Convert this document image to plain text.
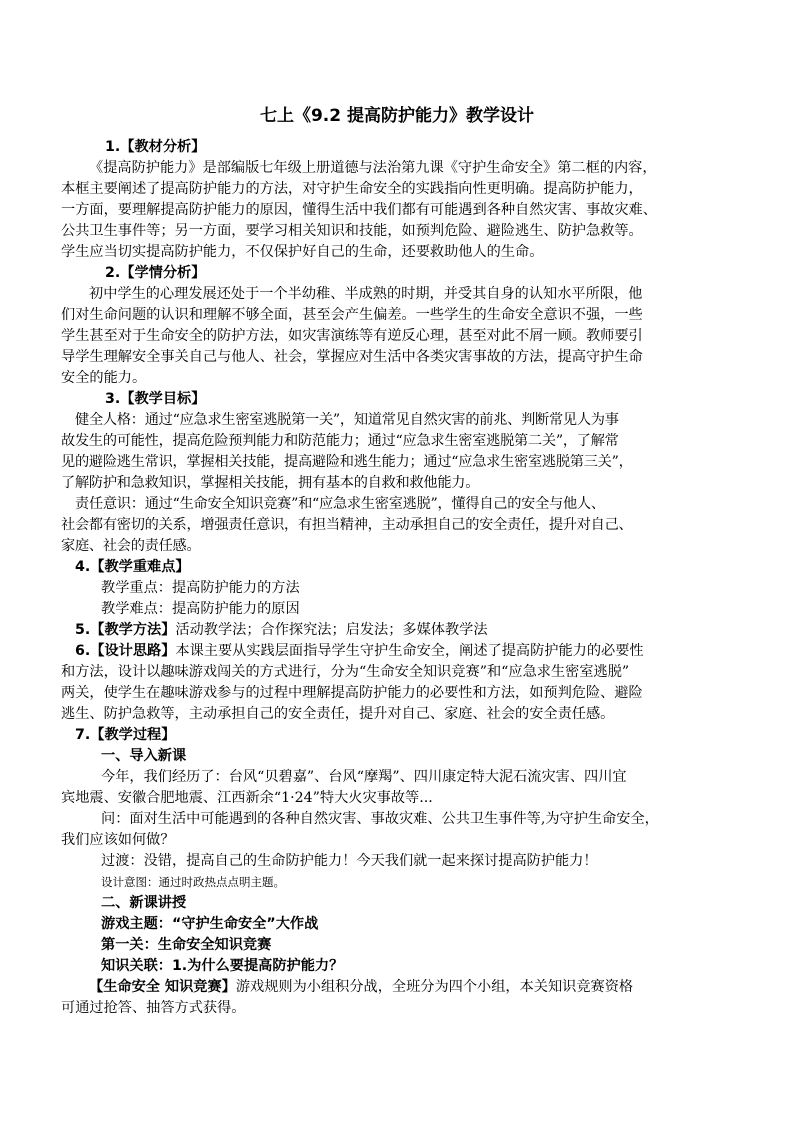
七上《9.2 提高防护能力》教学设计

1.【教材分析】

《提高防护能力》是部编版七年级上册道德与法治第九课《守护生命安全》第二框的内容，

本框主要阐述了提高防护能力的方法，对守护生命安全的实践指向性更明确。提高防护能力，

一方面，要理解提高防护能力的原因，懂得生活中我们都有可能遇到各种自然灾害、事故灾难、

公共卫生事件等；另一方面，要学习相关知识和技能，如预判危险、避险逃生、防护急救等。

学生应当切实提高防护能力，不仅保护好自己的生命，还要救助他人的生命。

2.【学情分析】

初中学生的心理发展还处于一个半幼稚、半成熟的时期，并受其自身的认知水平所限，他

们对生命问题的认识和理解不够全面，甚至会产生偏差。一些学生的生命安全意识不强，一些

学生甚至对于生命安全的防护方法，如灾害演练等有逆反心理，甚至对此不屑一顾。教师要引

导学生理解安全事关自己与他人、社会，掌握应对生活中各类灾害事故的方法，提高守护生命

安全的能力。

3.【教学目标】

健全人格：通过“应急求生密室逃脱第一关”，知道常见自然灾害的前兆、判断常见人为事

故发生的可能性，提高危险预判能力和防范能力；通过“应急求生密室逃脱第二关”，了解常

见的避险逃生常识，掌握相关技能，提高避险和逃生能力；通过“应急求生密室逃脱第三关”，

了解防护和急救知识，掌握相关技能，拥有基本的自救和救他能力。

责任意识：通过“生命安全知识竞赛”和“应急求生密室逃脱”，懂得自己的安全与他人、

社会都有密切的关系，增强责任意识，有担当精神，主动承担自己的安全责任，提升对自己、

家庭、社会的责任感。

4.【教学重难点】

教学重点：提高防护能力的方法

教学难点：提高防护能力的原因

5.【教学方法】活动教学法；合作探究法；启发法；多媒体教学法

6.【设计思路】本课主要从实践层面指导学生守护生命安全，阐述了提高防护能力的必要性

和方法，设计以趣味游戏闯关的方式进行，分为“生命安全知识竞赛”和“应急求生密室逃脱”

两关，使学生在趣味游戏参与的过程中理解提高防护能力的必要性和方法，如预判危险、避险

逃生、防护急救等，主动承担自己的安全责任，提升对自己、家庭、社会的安全责任感。

7.【教学过程】

一、导入新课

今年，我们经历了：台风“贝碧嘉”、台风“摩羯”、四川康定特大泥石流灾害、四川宜

宾地震、安徽合肥地震、江西新余“1·24”特大火灾事故等...

问：面对生活中可能遇到的各种自然灾害、事故灾难、公共卫生事件等,为守护生命安全，

我们应该如何做？

过渡：没错，提高自己的生命防护能力！今天我们就一起来探讨提高防护能力！

设计意图：通过时政热点点明主题。

二、新课讲授

游戏主题：“守护生命安全”大作战

第一关：生命安全知识竞赛

知识关联：1.为什么要提高防护能力？

【生命安全 知识竞赛】游戏规则为小组积分战，全班分为四个小组，本关知识竞赛资格

可通过抢答、抽答方式获得。
